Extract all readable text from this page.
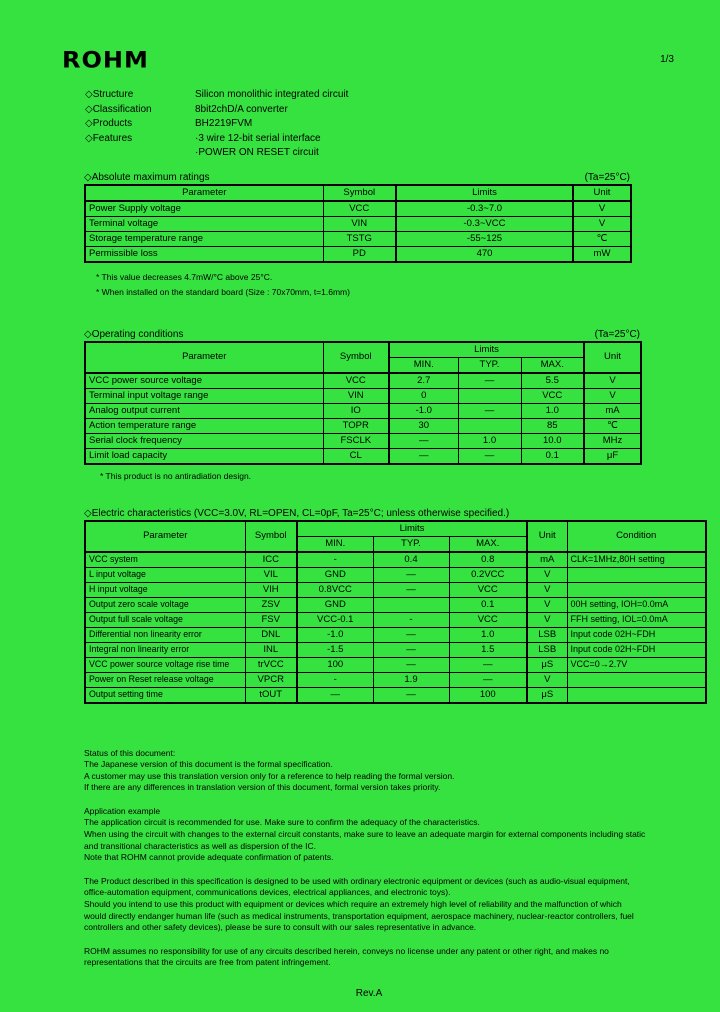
ROHM	1/3
◇Structure	Silicon monolithic integrated circuit
◇Classification	8bit2chD/A converter
◇Products	BH2219FVM
◇Features	·3 wire 12-bit serial interface
·POWER ON RESET circuit
◇Absolute maximum ratings	(Ta=25°C)
Parameter	Symbol	Limits	Unit
Power Supply voltage	VCC	-0.3~7.0	V
Terminal voltage	VIN	-0.3~VCC	V
Storage temperature range	TSTG	-55~125	℃
Permissible loss	PD	470	mW
* This value decreases 4.7mW/°C above 25°C.
* When installed on the standard board (Size : 70x70mm, t=1.6mm)
◇Operating conditions	(Ta=25°C)
Parameter	Symbol	Limits			Unit
		MIN.	TYP.	MAX.	
VCC power source voltage	VCC	2.7	—	5.5	V
Terminal input voltage range	VIN	0		VCC	V
Analog output current	IO	-1.0	—	1.0	mA
Action temperature range	TOPR	30		85	℃
Serial clock frequency	FSCLK	—	1.0	10.0	MHz
Limit load capacity	CL	—	—	0.1	μF
* This product is no antiradiation design.
◇Electric characteristics (VCC=3.0V, RL=OPEN, CL=0pF, Ta=25°C; unless otherwise specified.)
Parameter	Symbol	Limits			Unit	Condition
		MIN.	TYP.	MAX.		
VCC system	ICC	-	0.4	0.8	mA	CLK=1MHz,80H setting
L input voltage	VIL	GND	—	0.2VCC	V	
H input voltage	VIH	0.8VCC	—	VCC	V	
Output zero scale voltage	ZSV	GND		0.1	V	00H setting, IOH=0.0mA
Output full scale voltage	FSV	VCC-0.1	-	VCC	V	FFH setting, IOL=0.0mA
Differential non linearity error	DNL	-1.0	—	1.0	LSB	Input code 02H~FDH
Integral non linearity error	INL	-1.5	—	1.5	LSB	Input code 02H~FDH
VCC power source voltage rise time	trVCC	100	—	—	μS	VCC=0→2.7V
Power on Reset release voltage	VPCR	-	1.9	—	V	
Output setting time	tOUT	—	—	100	μS	
Status of this document:
The Japanese version of this document is the formal specification.
A customer may use this translation version only for a reference to help reading the formal version.
If there are any differences in translation version of this document, formal version takes priority.
Application example
The application circuit is recommended for use. Make sure to confirm the adequacy of the characteristics.
When using the circuit with changes to the external circuit constants, make sure to leave an adequate margin for external components including static
and transitional characteristics as well as dispersion of the IC.
Note that ROHM cannot provide adequate confirmation of patents.
The Product described in this specification is designed to be used with ordinary electronic equipment or devices (such as audio-visual equipment,
office-automation equipment, communications devices, electrical appliances, and electronic toys).
Should you intend to use this product with equipment or devices which require an extremely high level of reliability and the malfunction of which
would directly endanger human life (such as medical instruments, transportation equipment, aerospace machinery, nuclear-reactor controllers, fuel
controllers and other safety devices), please be sure to consult with our sales representative in advance.
ROHM assumes no responsibility for use of any circuits described herein, conveys no license under any patent or other right, and makes no
representations that the circuits are free from patent infringement.
Rev.A
